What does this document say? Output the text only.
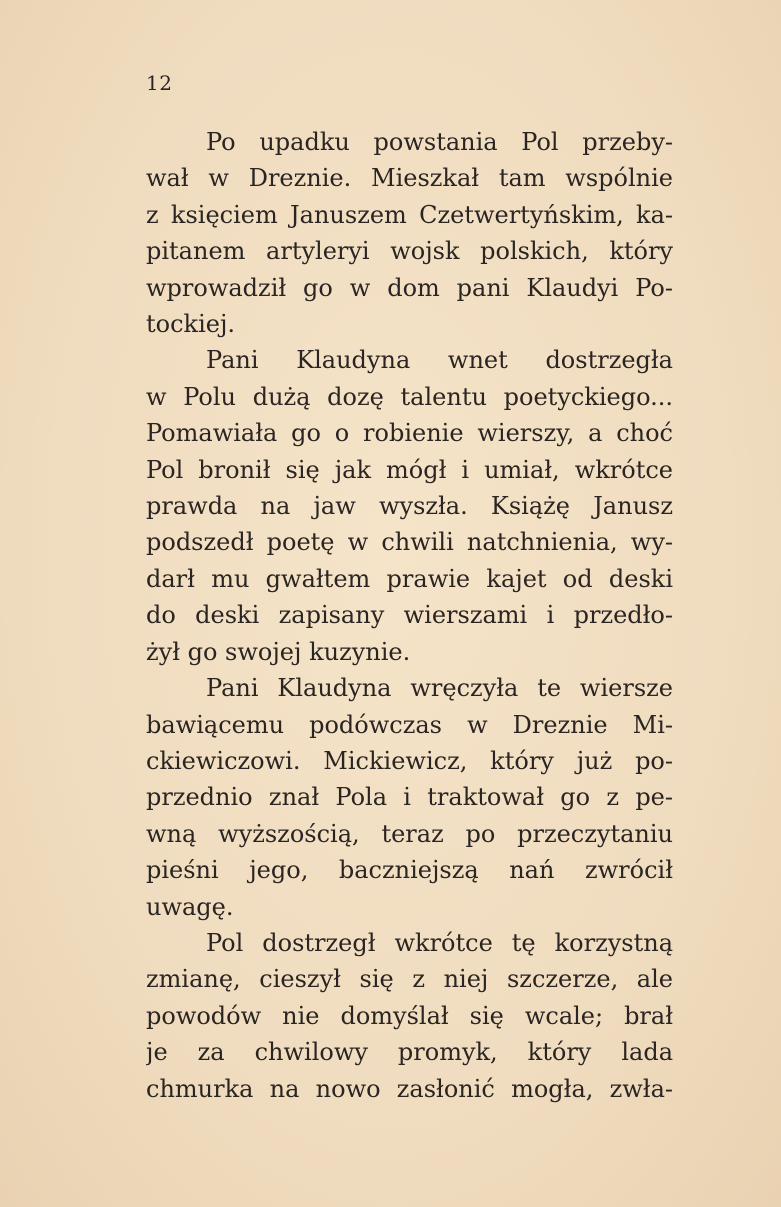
12
Po upadku powstania Pol przeby-
wał w Dreznie. Mieszkał tam wspólnie
z księciem Januszem Czetwertyńskim, ka-
pitanem artyleryi wojsk polskich, który
wprowadził go w dom pani Klaudyi Po-
tockiej.
Pani Klaudyna wnet dostrzegła
w Polu dużą dozę talentu poetyckiego...
Pomawiała go o robienie wierszy, a choć
Pol bronił się jak mógł i umiał, wkrótce
prawda na jaw wyszła. Książę Janusz
podszedł poetę w chwili natchnienia, wy-
darł mu gwałtem prawie kajet od deski
do deski zapisany wierszami i przedło-
żył go swojej kuzynie.
Pani Klaudyna wręczyła te wiersze
bawiącemu podówczas w Dreznie Mi-
ckiewiczowi. Mickiewicz, który już po-
przednio znał Pola i traktował go z pe-
wną wyższością, teraz po przeczytaniu
pieśni jego, baczniejszą nań zwrócił
uwagę.
Pol dostrzegł wkrótce tę korzystną
zmianę, cieszył się z niej szczerze, ale
powodów nie domyślał się wcale; brał
je za chwilowy promyk, który lada
chmurka na nowo zasłonić mogła, zwła-
